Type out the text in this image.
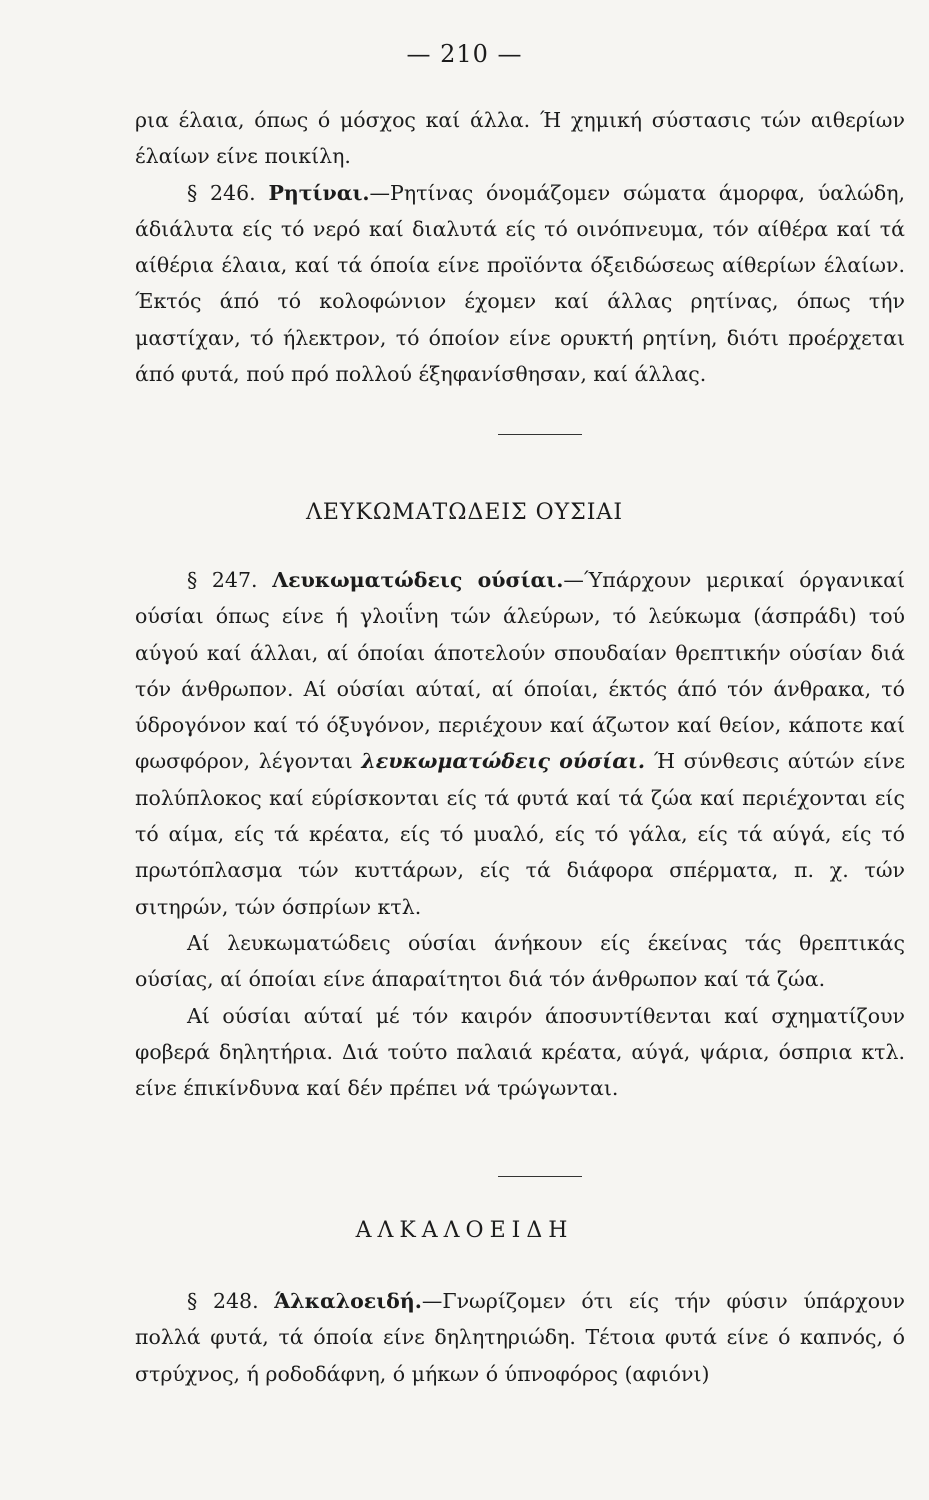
— 210 —

ρια έλαια, όπως ό μόσχος καί άλλα. Ή χημική σύστασις τών αιθερίων έλαίων είνε ποικίλη.

§ 246. Ρητίναι.—Ρητίνας όνομάζομεν σώματα άμορφα, ύαλώδη, άδιάλυτα είς τό νερό καί διαλυτά είς τό οινόπνευμα, τόν αίθέρα καί τά αίθέρια έλαια, καί τά όποία είνε προϊόντα όξειδώσεως αίθερίων έλαίων. Έκτός άπό τό κολοφώνιον έχομεν καί άλλας ρητίνας, όπως τήν μαστίχαν, τό ήλεκτρον, τό όποίον είνε ορυκτή ρητίνη, διότι προέρχεται άπό φυτά, πού πρό πολλού έξηφανίσθησαν, καί άλλας.

ΛΕΥΚΩΜΑΤΩΔΕΙΣ ΟΥΣΙΑΙ

§ 247. Λευκωματώδεις ούσίαι.—Ύπάρχουν μερικαί όργανικαί ούσίαι όπως είνε ή γλοιΐνη τών άλεύρων, τό λεύκωμα (άσπράδι) τού αύγού καί άλλαι, αί όποίαι άποτελούν σπουδαίαν θρεπτικήν ούσίαν διά τόν άνθρωπον. Αί ούσίαι αύταί, αί όποίαι, έκτός άπό τόν άνθρακα, τό ύδρογόνον καί τό όξυγόνον, περιέχουν καί άζωτον καί θείον, κάποτε καί φωσφόρον, λέγονται λευκωματώδεις ούσίαι. Ή σύνθεσις αύτών είνε πολύπλοκος καί εύρίσκονται είς τά φυτά καί τά ζώα καί περιέχονται είς τό αίμα, είς τά κρέατα, είς τό μυαλό, είς τό γάλα, είς τά αύγά, είς τό πρωτόπλασμα τών κυττάρων, είς τά διάφορα σπέρματα, π. χ. τών σιτηρών, τών όσπρίων κτλ.

Αί λευκωματώδεις ούσίαι άνήκουν είς έκείνας τάς θρεπτικάς ούσίας, αί όποίαι είνε άπαραίτητοι διά τόν άνθρωπον καί τά ζώα.

Αί ούσίαι αύταί μέ τόν καιρόν άποσυντίθενται καί σχηματίζουν φοβερά δηλητήρια. Διά τούτο παλαιά κρέατα, αύγά, ψάρια, όσπρια κτλ. είνε έπικίνδυνα καί δέν πρέπει νά τρώγωνται.

ΑΛΚΑΛΟΕΙΔΗ

§ 248. Άλκαλοειδή.—Γνωρίζομεν ότι είς τήν φύσιν ύπάρχουν πολλά φυτά, τά όποία είνε δηλητηριώδη. Τέτοια φυτά είνε ό καπνός, ό στρύχνος, ή ροδοδάφνη, ό μήκων ό ύπνοφόρος (αφιόνι)
